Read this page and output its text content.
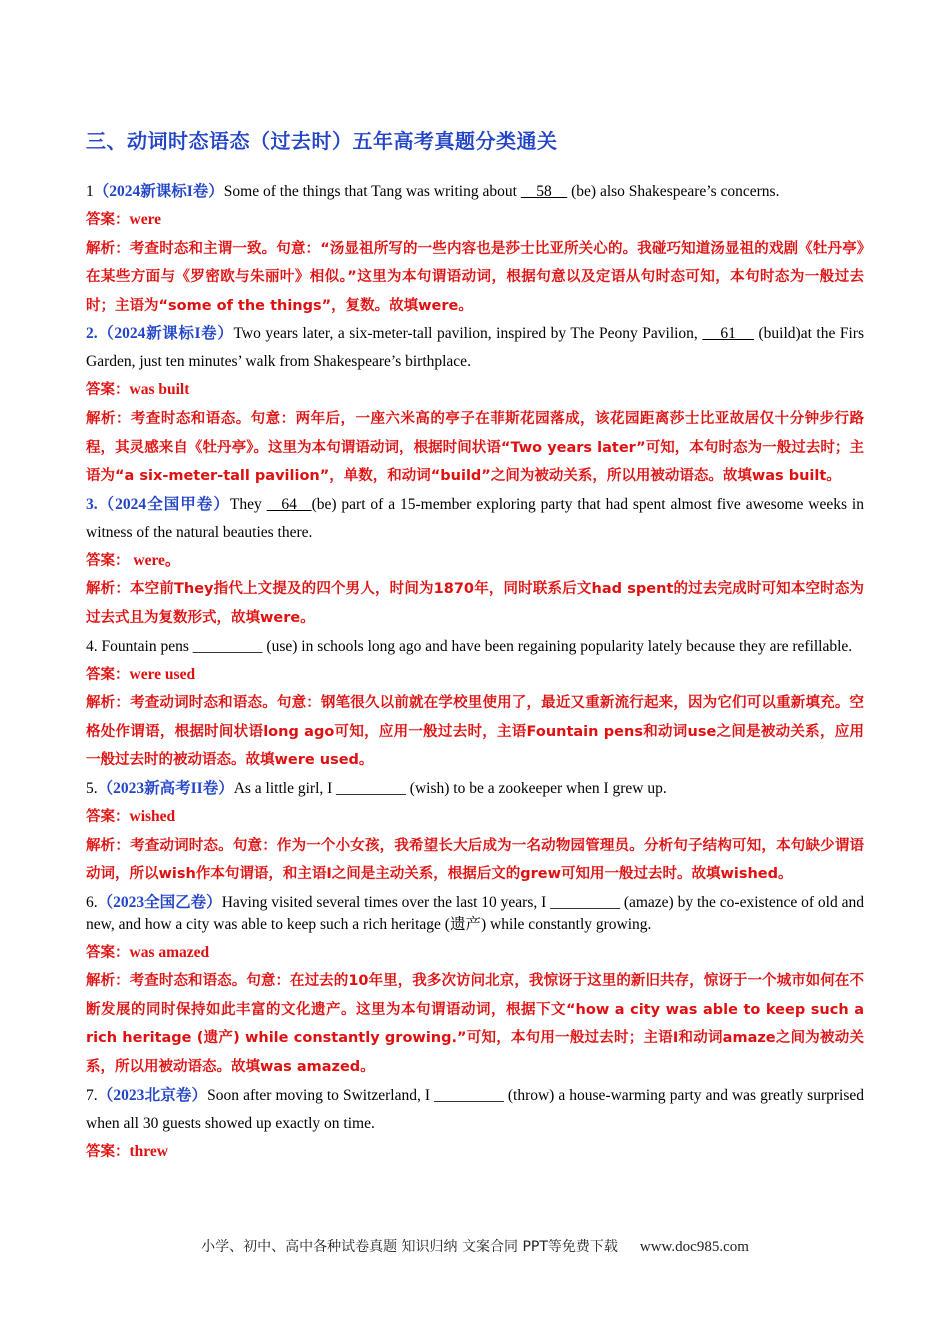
三、动词时态语态（过去时）五年高考真题分类通关
1（2024新课标I卷）Some of the things that Tang was writing about     58     (be) also Shakespeare’s concerns.
答案：were
解析：考查时态和主谓一致。句意：“汤显祖所写的一些内容也是莎士比亚所关心的。我碰巧知道汤显祖的戏剧《牡丹亭》在某些方面与《罗密欧与朱丽叶》相似。”这里为本句谓语动词，根据句意以及定语从句时态可知，本句时态为一般过去时；主语为“some of the things”，复数。故填were。
2.（2024新课标I卷）Two years later, a six-meter-tall pavilion, inspired by The Peony Pavilion,     61     (build)at the Firs Garden, just ten minutes’ walk from Shakespeare’s birthplace.
答案：was built
解析：考查时态和语态。句意：两年后，一座六米高的亭子在菲斯花园落成，该花园距离莎士比亚故居仅十分钟步行路程，其灵感来自《牡丹亭》。这里为本句谓语动词，根据时间状语“Two years later”可知，本句时态为一般过去时；主语为“a six-meter-tall pavilion”，单数，和动词“build”之间为被动关系，所以用被动语态。故填was built。
3.（2024全国甲卷）They    64   (be) part of a 15-member exploring party that had spent almost five awesome weeks in witness of the natural beauties there.
答案： were。
解析：本空前They指代上文提及的四个男人，时间为1870年，同时联系后文had spent的过去完成时可知本空时态为过去式且为复数形式，故填were。
4. Fountain pens _________ (use) in schools long ago and have been regaining popularity lately because they are refillable.
答案：were used
解析：考查动词时态和语态。句意：钢笔很久以前就在学校里使用了，最近又重新流行起来，因为它们可以重新填充。空格处作谓语，根据时间状语long ago可知，应用一般过去时，主语Fountain pens和动词use之间是被动关系，应用一般过去时的被动语态。故填were used。
5.（2023新高考II卷）As a little girl, I _________ (wish) to be a zookeeper when I grew up.
答案：wished
解析：考查动词时态。句意：作为一个小女孩，我希望长大后成为一名动物园管理员。分析句子结构可知，本句缺少谓语动词，所以wish作本句谓语，和主语I之间是主动关系，根据后文的grew可知用一般过去时。故填wished。
6.（2023全国乙卷）Having visited several times over the last 10 years, I _________ (amaze) by the co-existence of old and new, and how a city was able to keep such a rich heritage (遗产) while constantly growing.
答案：was amazed
解析：考查时态和语态。句意：在过去的10年里，我多次访问北京，我惊讶于这里的新旧共存，惊讶于一个城市如何在不断发展的同时保持如此丰富的文化遗产。这里为本句谓语动词，根据下文“how a city was able to keep such a rich heritage (遗产) while constantly growing.”可知，本句用一般过去时；主语I和动词amaze之间为被动关系，所以用被动语态。故填was amazed。
7.（2023北京卷）Soon after moving to Switzerland, I _________ (throw) a house-warming party and was greatly surprised when all 30 guests showed up exactly on time.
答案：threw
小学、初中、高中各种试卷真题 知识归纳 文案合同 PPT等免费下载 www.doc985.com
